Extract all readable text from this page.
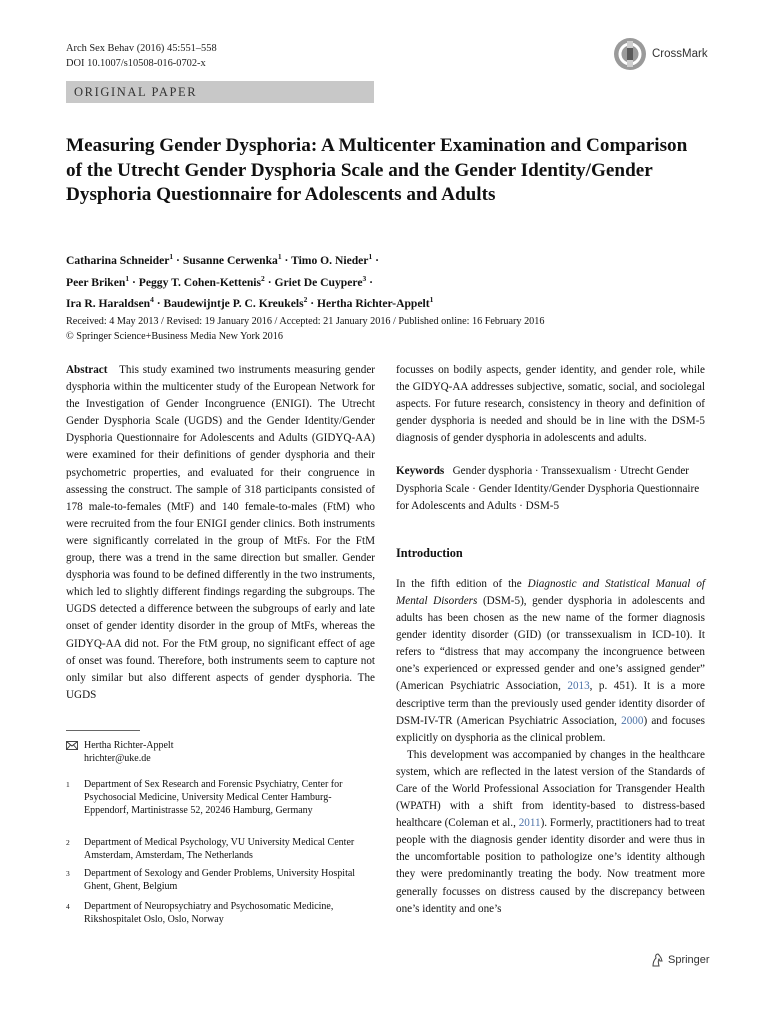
Arch Sex Behav (2016) 45:551–558
DOI 10.1007/s10508-016-0702-x
CrossMark
ORIGINAL PAPER
Measuring Gender Dysphoria: A Multicenter Examination and Comparison of the Utrecht Gender Dysphoria Scale and the Gender Identity/Gender Dysphoria Questionnaire for Adolescents and Adults
Catharina Schneider$^1$ · Susanne Cerwenka$^1$ · Timo O. Nieder$^1$ ·
Peer Briken$^1$ · Peggy T. Cohen-Kettenis$^2$ · Griet De Cuypere$^3$ ·
Ira R. Haraldsen$^4$ · Baudewijntje P. C. Kreukels$^2$ · Hertha Richter-Appelt$^1$
Received: 4 May 2013 / Revised: 19 January 2016 / Accepted: 21 January 2016 / Published online: 16 February 2016
© Springer Science+Business Media New York 2016

Abstract This study examined two instruments measuring gender dysphoria within the multicenter study of the European Network for the Investigation of Gender Incongruence (ENIGI). The Utrecht Gender Dysphoria Scale (UGDS) and the Gender Identity/Gender Dysphoria Questionnaire for Adolescents and Adults (GIDYQ-AA) were examined for their definitions of gender dysphoria and their psychometric properties, and evaluated for their congruence in assessing the construct. The sample of 318 participants consisted of 178 male-to-females (MtF) and 140 female-to-males (FtM) who were recruited from the four ENIGI gender clinics. Both instruments were significantly correlated in the group of MtFs. For the FtM group, there was a trend in the same direction but smaller. Gender dysphoria was found to be defined differently in the two instruments, which led to slightly different findings regarding the subgroups. The UGDS detected a difference between the subgroups of early and late onset of gender identity disorder in the group of MtFs, whereas the GIDYQ-AA did not. For the FtM group, no significant effect of age of onset was found. Therefore, both instruments seem to capture not only similar but also different aspects of gender dysphoria. The UGDS

Hertha Richter-Appelt
hrichter@uke.de
1 Department of Sex Research and Forensic Psychiatry, Center for Psychosocial Medicine, University Medical Center Hamburg-Eppendorf, Martinistrasse 52, 20246 Hamburg, Germany
2 Department of Medical Psychology, VU University Medical Center Amsterdam, Amsterdam, The Netherlands
3 Department of Sexology and Gender Problems, University Hospital Ghent, Ghent, Belgium
4 Department of Neuropsychiatry and Psychosomatic Medicine, Rikshospitalet Oslo, Oslo, Norway

focusses on bodily aspects, gender identity, and gender role, while the GIDYQ-AA addresses subjective, somatic, social, and sociolegal aspects. For future research, consistency in theory and definition of gender dysphoria is needed and should be in line with the DSM-5 diagnosis of gender dysphoria in adolescents and adults.

Keywords Gender dysphoria · Transsexualism · Utrecht Gender Dysphoria Scale · Gender Identity/Gender Dysphoria Questionnaire for Adolescents and Adults · DSM-5

Introduction

In the fifth edition of the Diagnostic and Statistical Manual of Mental Disorders (DSM-5), gender dysphoria in adolescents and adults has been chosen as the new name of the former diagnosis gender identity disorder (GID) (or transsexualism in ICD-10). It refers to “distress that may accompany the incongruence between one’s experienced or expressed gender and one’s assigned gender” (American Psychiatric Association, 2013, p. 451). It is a more descriptive term than the previously used gender identity disorder of DSM-IV-TR (American Psychiatric Association, 2000) and focuses explicitly on dysphoria as the clinical problem.

This development was accompanied by changes in the healthcare system, which are reflected in the latest version of the Standards of Care of the World Professional Association for Transgender Health (WPATH) with a shift from identity-based to distress-based healthcare (Coleman et al., 2011). Formerly, practitioners had to treat people with the diagnosis gender identity disorder and were thus in the uncomfortable position to pathologize one’s identity although they were predominantly treating the body. Now treatment more generally focusses on distress caused by the discrepancy between one’s identity and one’s

Springer
